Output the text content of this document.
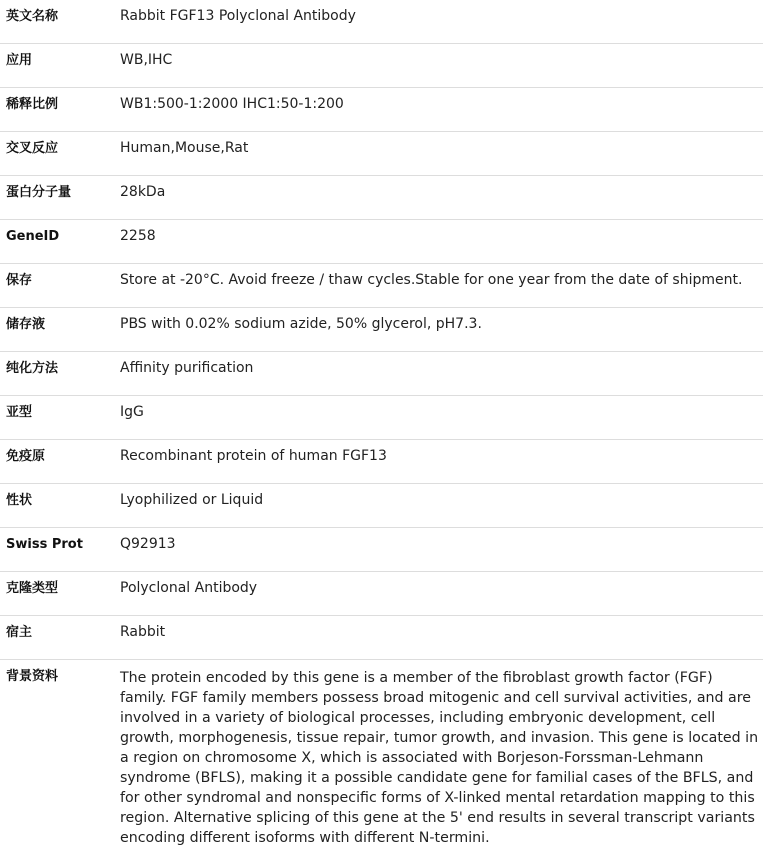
英文名称	Rabbit FGF13 Polyclonal Antibody
应用	WB,IHC
稀释比例	WB1:500-1:2000 IHC1:50-1:200
交叉反应	Human,Mouse,Rat
蛋白分子量	28kDa
GeneID	2258
保存	Store at -20°C. Avoid freeze / thaw cycles.Stable for one year from the date of shipment.
储存液	PBS with 0.02% sodium azide, 50% glycerol, pH7.3.
纯化方法	Affinity purification
亚型	IgG
免疫原	Recombinant protein of human FGF13
性状	Lyophilized or Liquid
Swiss Prot	Q92913
克隆类型	Polyclonal Antibody
宿主	Rabbit
背景资料	The protein encoded by this gene is a member of the fibroblast growth factor (FGF) family. FGF family members possess broad mitogenic and cell survival activities, and are involved in a variety of biological processes, including embryonic development, cell growth, morphogenesis, tissue repair, tumor growth, and invasion. This gene is located in a region on chromosome X, which is associated with Borjeson-Forssman-Lehmann syndrome (BFLS), making it a possible candidate gene for familial cases of the BFLS, and for other syndromal and nonspecific forms of X-linked mental retardation mapping to this region. Alternative splicing of this gene at the 5' end results in several transcript variants encoding different isoforms with different N-termini.
